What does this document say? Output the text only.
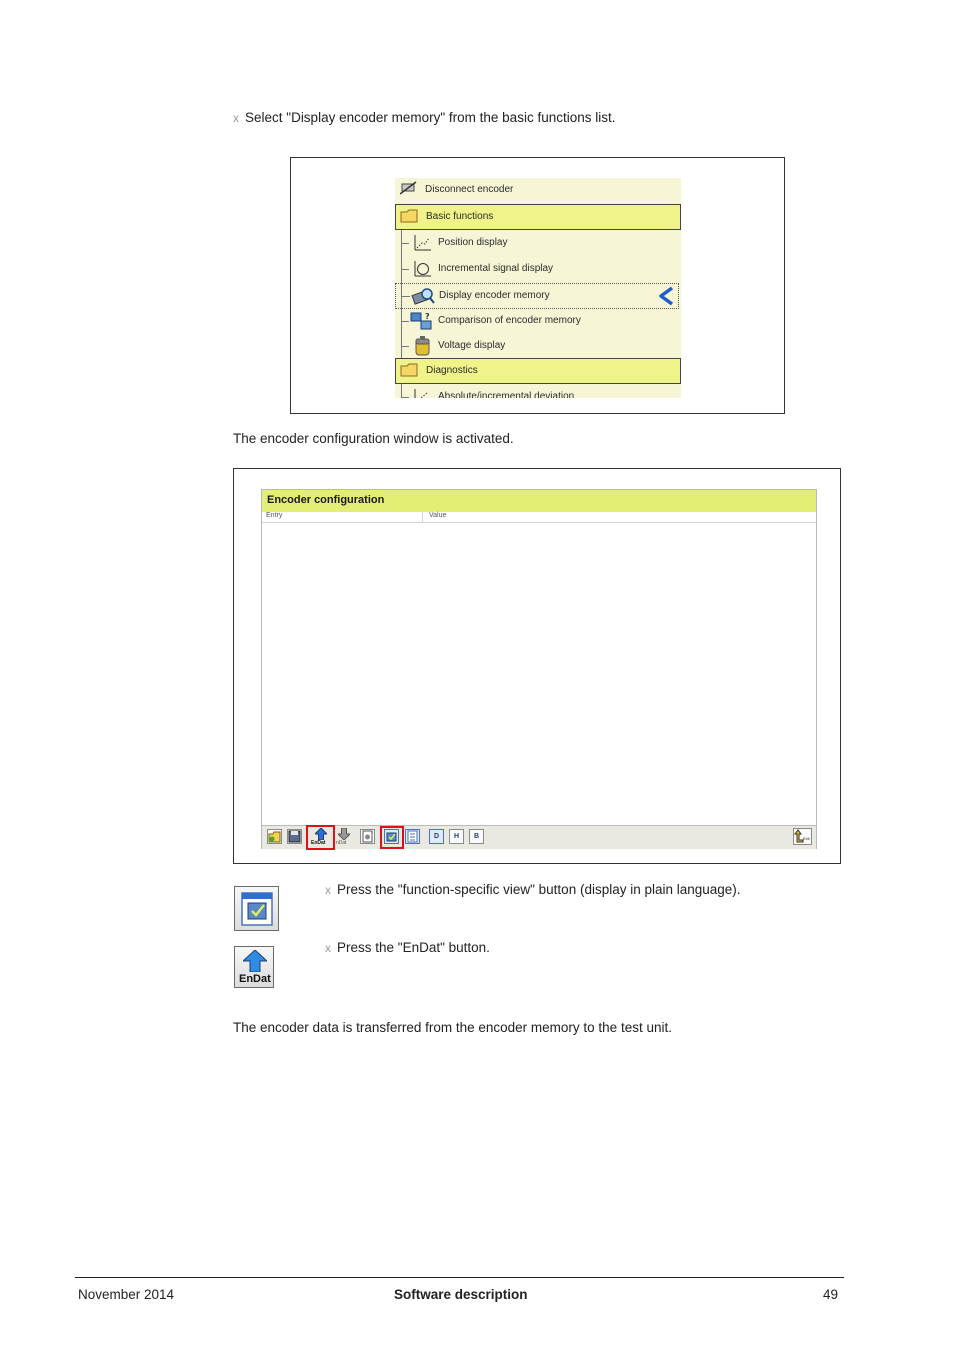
x Select "Display encoder memory" from the basic functions list.
Disconnect encoder
Basic functions
Position display
Incremental signal display
Display encoder memory
? Comparison of encoder memory
Voltage display
Diagnostics
Absolute/incremental deviation
The encoder configuration window is activated.
Encoder configuration
Entry	Value
EnDat nDat
D	H	B	Exit
x Press the "function-specific view" button (display in plain language).
EnDat
x Press the "EnDat" button.
The encoder data is transferred from the encoder memory to the test unit.
November 2014	Software description	49
